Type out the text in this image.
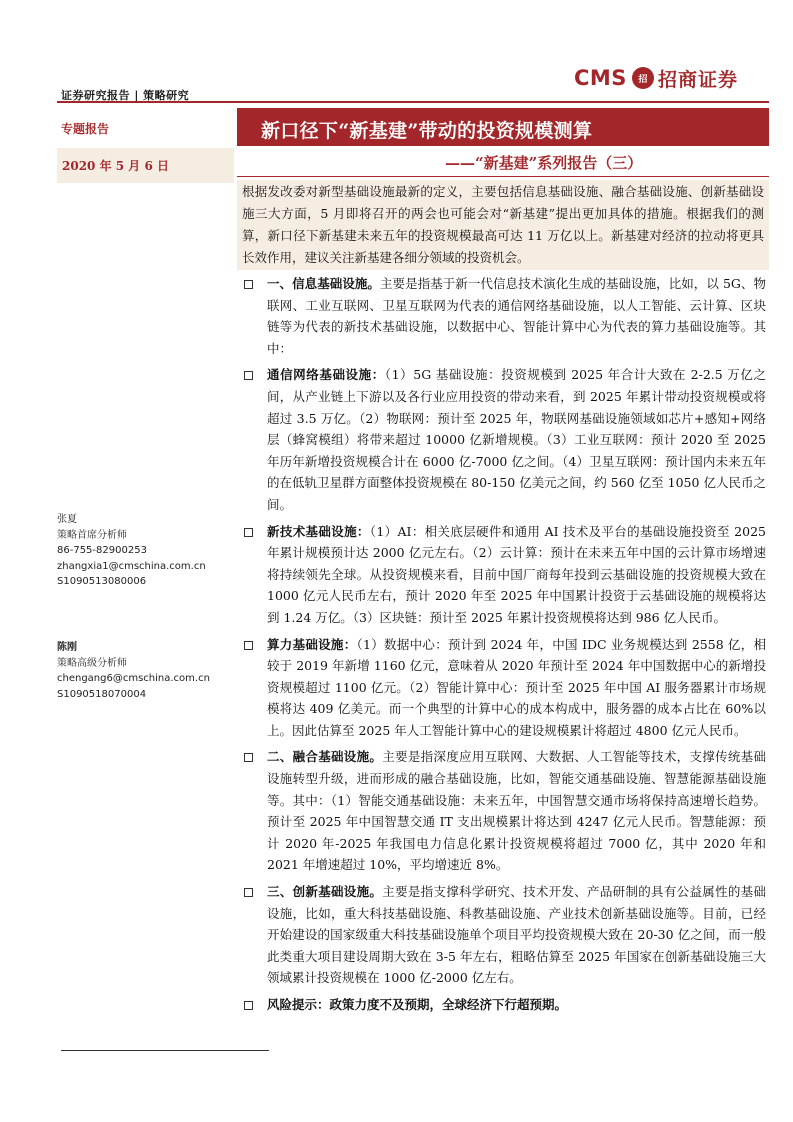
证券研究报告 | 策略研究
CMS	招 招商证券
专题报告	新口径下“新基建”带动的投资规模测算
2020 年 5 月 6 日	——“新基建”系列报告（三）

根据发改委对新型基础设施最新的定义，主要包括信息基础设施、融合基础设施、创新基础设施三大方面，5 月即将召开的两会也可能会对“新基建”提出更加具体的措施。根据我们的测算，新口径下新基建未来五年的投资规模最高可达 11 万亿以上。新基建对经济的拉动将更具长效作用，建议关注新基建各细分领域的投资机会。

张夏
策略首席分析师
86-755-82900253
zhangxia1@cmschina.com.cn
S1090513080006
陈刚
策略高级分析师
chengang6@cmschina.com.cn
S1090518070004
一、信息基础设施。主要是指基于新一代信息技术演化生成的基础设施，比如，以 5G、物联网、工业互联网、卫星互联网为代表的通信网络基础设施，以人工智能、云计算、区块链等为代表的新技术基础设施，以数据中心、智能计算中心为代表的算力基础设施等。其中：
通信网络基础设施：（1）5G 基础设施：投资规模到 2025 年合计大致在 2-2.5 万亿之间，从产业链上下游以及各行业应用投资的带动来看，到 2025 年累计带动投资规模或将超过 3.5 万亿。（2）物联网：预计至 2025 年，物联网基础设施领域如芯片+感知+网络层（蜂窝模组）将带来超过 10000 亿新增规模。（3）工业互联网：预计 2020 至 2025 年历年新增投资规模合计在 6000 亿-7000 亿之间。（4）卫星互联网：预计国内未来五年的在低轨卫星群方面整体投资规模在 80-150 亿美元之间，约 560 亿至 1050 亿人民币之间。
新技术基础设施：（1）AI：相关底层硬件和通用 AI 技术及平台的基础设施投资至 2025 年累计规模预计达 2000 亿元左右。（2）云计算：预计在未来五年中国的云计算市场增速将持续领先全球。从投资规模来看，目前中国厂商每年投到云基础设施的投资规模大致在 1000 亿元人民币左右，预计 2020 年至 2025 年中国累计投资于云基础设施的规模将达到 1.24 万亿。（3）区块链：预计至 2025 年累计投资规模将达到 986 亿人民币。
算力基础设施：（1）数据中心：预计到 2024 年，中国 IDC 业务规模达到 2558 亿，相较于 2019 年新增 1160 亿元，意味着从 2020 年预计至 2024 年中国数据中心的新增投资规模超过 1100 亿元。（2）智能计算中心：预计至 2025 年中国 AI 服务器累计市场规模将达 409 亿美元。而一个典型的计算中心的成本构成中，服务器的成本占比在 60%以上。因此估算至 2025 年人工智能计算中心的建设规模累计将超过 4800 亿元人民币。
二、融合基础设施。主要是指深度应用互联网、大数据、人工智能等技术，支撑传统基础设施转型升级，进而形成的融合基础设施，比如，智能交通基础设施、智慧能源基础设施等。其中：（1）智能交通基础设施：未来五年，中国智慧交通市场将保持高速增长趋势。预计至 2025 年中国智慧交通 IT 支出规模累计将达到 4247 亿元人民币。智慧能源：预计 2020 年-2025 年我国电力信息化累计投资规模将超过 7000 亿，其中 2020 年和 2021 年增速超过 10%，平均增速近 8%。
三、创新基础设施。主要是指支撑科学研究、技术开发、产品研制的具有公益属性的基础设施，比如，重大科技基础设施、科教基础设施、产业技术创新基础设施等。目前，已经开始建设的国家级重大科技基础设施单个项目平均投资规模大致在 20-30 亿之间，而一般此类重大项目建设周期大致在 3-5 年左右，粗略估算至 2025 年国家在创新基础设施三大领域累计投资规模在 1000 亿-2000 亿左右。
风险提示：政策力度不及预期，全球经济下行超预期。
